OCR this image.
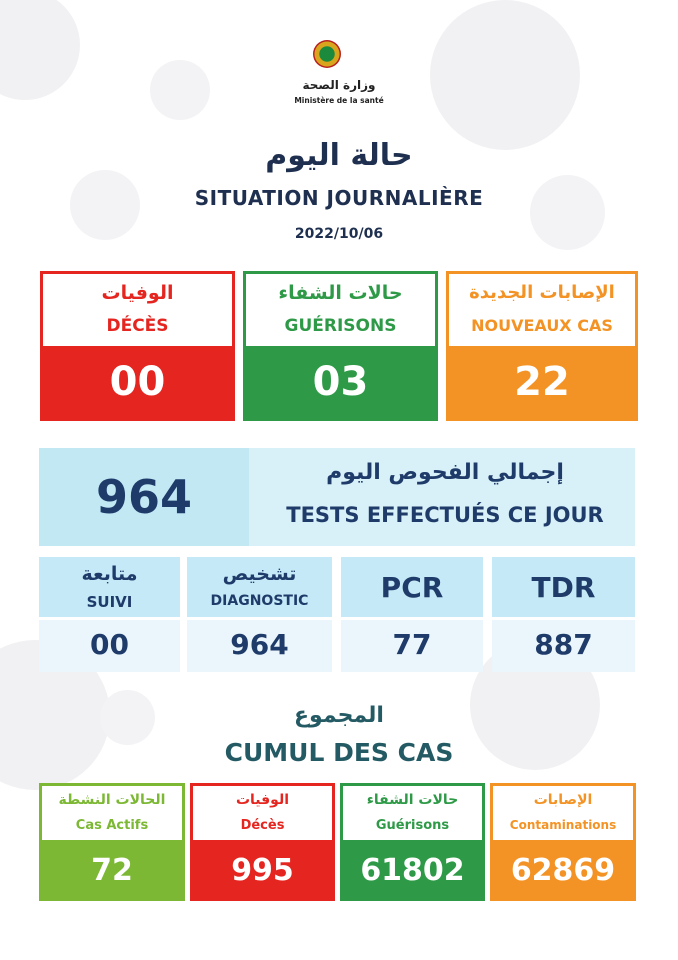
وزارة الصحة
Ministère de la santé
حالة اليوم
SITUATION JOURNALIÈRE
2022/10/06
الوفيات
DÉCÈS
00
حالات الشفاء
GUÉRISONS
03
الإصابات الجديدة
NOUVEAUX CAS
22
964	إجمالي الفحوص اليوم
TESTS EFFECTUÉS CE JOUR
متابعة
SUIVI
00
تشخيص
DIAGNOSTIC
964
PCR
77
TDR
887
المجموع
CUMUL DES CAS
الحالات النشطة
Cas Actifs
72
الوفيات
Décès
995
حالات الشفاء
Guérisons
61802
الإصابات
Contaminations
62869
